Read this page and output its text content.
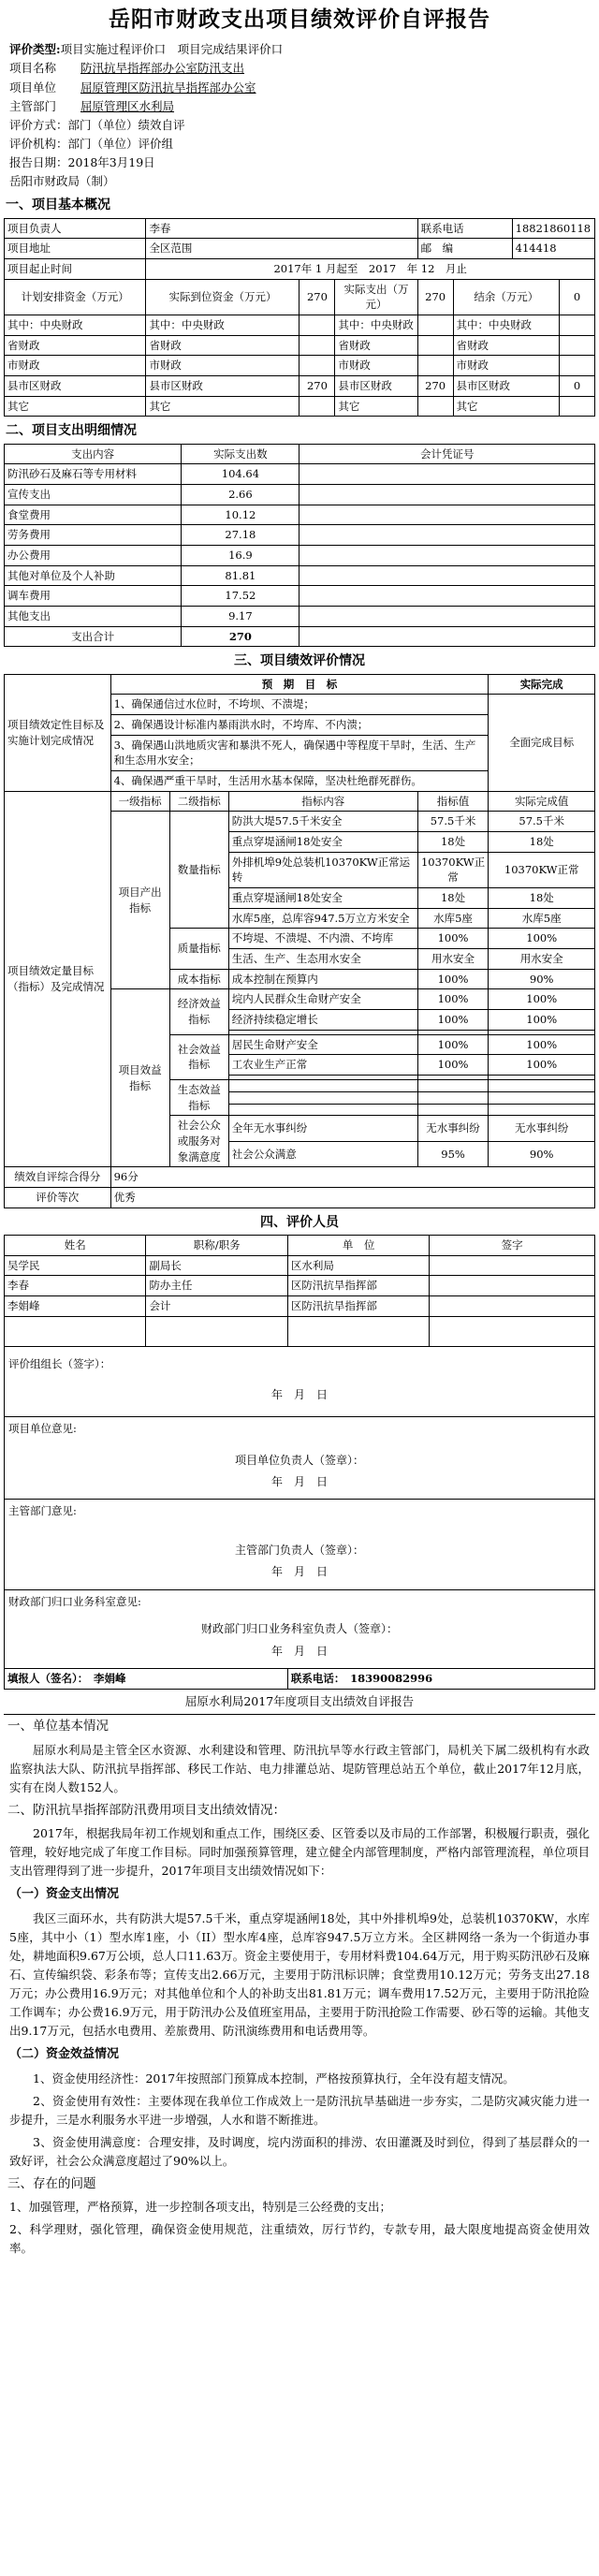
岳阳市财政支出项目绩效评价自评报告
评价类型:项目实施过程评价口　项目完成结果评价口
项目名称 防汛抗旱指挥部办公室防汛支出
项目单位 屈原管理区防汛抗旱指挥部办公室
主管部门 屈原管理区水利局
评价方式：部门（单位）绩效自评
评价机构：部门（单位）评价组
报告日期：2018年3月19日
岳阳市财政局（制）
一、项目基本概况
项目负责人	李春			联系电话		18821860118	
项目地址	全区范围			邮　编		414418	
项目起止时间	2017年 1 月起至　2017　年 12　月止						
计划安排资金（万元）	实际到位资金（万元）	270	实际支出（万元）	270	结余（万元）		0
其中：中央财政	其中：中央财政		其中：中央财政		其中：中央财政		
省财政	省财政		省财政		省财政		
市财政	市财政		市财政		市财政		
县市区财政	县市区财政	270	县市区财政	270	县市区财政		0
其它	其它		其它		其它		
二、项目支出明细情况
支出内容	实际支出数	会计凭证号
防汛砂石及麻石等专用材料	104.64	
宣传支出	2.66	
食堂费用	10.12	
劳务费用	27.18	
办公费用	16.9	
其他对单位及个人补助	81.81	
调车费用	17.52	
其他支出	9.17	
支出合计	270	
三、项目绩效评价情况
项目绩效定性目标及实施计划完成情况	预　期　目　标				实际完成
	1、确保通信过水位时，不垮坝、不溃堤；				全面完成目标
	2、确保遇设计标准内暴雨洪水时，不垮库、不内溃；				
	3、确保遇山洪地质灾害和暴洪不死人，确保遇中等程度干旱时，生活、生产和生态用水安全；				
	4、确保遇严重干旱时，生活用水基本保障，坚决杜绝群死群伤。				
项目绩效定量目标（指标）及完成情况	一级指标	二级指标	指标内容	指标值	实际完成值
	项目产出指标	数量指标	防洪大堤57.5千米安全	57.5千米	57.5千米
			重点穿堤涵闸18处安全	18处	18处
			外排机埠9处总装机10370KW正常运转	10370KW正常	10370KW正常
			重点穿堤涵闸18处安全	18处	18处
			水库5座，总库容947.5万立方米安全	水库5座	水库5座
		质量指标	不垮堤、不溃堤、不内溃、不垮库	100%	100%
			生活、生产、生态用水安全	用水安全	用水安全
		成本指标	成本控制在预算内	100%	90%
	项目效益指标	经济效益指标	垸内人民群众生命财产安全	100%	100%
			经济持续稳定增长	100%	100%

		社会效益指标	居民生命财产安全	100%	100%
			工农业生产正常	100%	100%

		生态效益指标			

		社会公众或服务对象满意度	全年无水事纠纷	无水事纠纷	无水事纠纷
			社会公众满意	95%	90%
绩效自评综合得分	96分				
评价等次	优秀				
四、评价人员
姓名	职称/职务	单　位	签字
吴学民	副局长	区水利局	
李春	防办主任	区防汛抗旱指挥部	
李娟峰	会计	区防汛抗旱指挥部	

评价组组长（签字）：
年　月　日			

项目单位意见:
项目单位负责人（签章）：
年　月　日			

主管部门意见:
主管部门负责人（签章）：
年　月　日			

财政部门归口业务科室意见:
财政部门归口业务科室负责人（签章）：
年　月　日			

填报人（签名）：　李娟峰		联系电话：　18390082996	
屈原水利局2017年度项目支出绩效自评报告
一、单位基本情况
屈原水利局是主管全区水资源、水利建设和管理、防汛抗旱等水行政主管部门，局机关下属二级机构有水政监察执法大队、防汛抗旱指挥部、移民工作站、电力排灌总站、堤防管理总站五个单位，截止2017年12月底，实有在岗人数152人。
二、防汛抗旱指挥部防汛费用项目支出绩效情况：
2017年，根据我局年初工作规划和重点工作，围绕区委、区管委以及市局的工作部署，积极履行职责，强化管理，较好地完成了年度工作目标。同时加强预算管理，建立健全内部管理制度，严格内部管理流程，单位项目支出管理得到了进一步提升，2017年项目支出绩效情况如下：
（一）资金支出情况
我区三面环水，共有防洪大堤57.5千米，重点穿堤涵闸18处，其中外排机埠9处，总装机10370KW，水库5座，其中小（1）型水库1座，小（II）型水库4座，总库容947.5万立方米。全区耕网络一条为一个街道办事处，耕地面积9.67万公顷，总人口11.63万。资金主要使用于，专用材料费104.64万元，用于购买防汛砂石及麻石、宣传编织袋、彩条布等；宣传支出2.66万元，主要用于防汛标识牌；食堂费用10.12万元；劳务支出27.18万元；办公费用16.9万元；对其他单位和个人的补助支出81.81万元；调车费用17.52万元，主要用于防汛抢险工作调车；办公费16.9万元，用于防汛办公及值班室用品，主要用于防汛抢险工作需要、砂石等的运输。其他支出9.17万元，包括水电费用、差旅费用、防汛演练费用和电话费用等。
（二）资金效益情况
1、资金使用经济性：2017年按照部门预算成本控制，严格按预算执行，全年没有超支情况。
2、资金使用有效性：主要体现在我单位工作成效上一是防汛抗旱基础进一步夯实，二是防灾减灾能力进一步提升，三是水利服务水平进一步增强，人水和谐不断推进。
3、资金使用满意度：合理安排，及时调度，垸内涝面积的排涝、农田灌溉及时到位，得到了基层群众的一致好评，社会公众满意度超过了90%以上。
三、存在的问题
1、加强管理，严格预算，进一步控制各项支出，特别是三公经费的支出；
2、科学理财，强化管理，确保资金使用规范，注重绩效，厉行节约，专款专用，最大限度地提高资金使用效率。
